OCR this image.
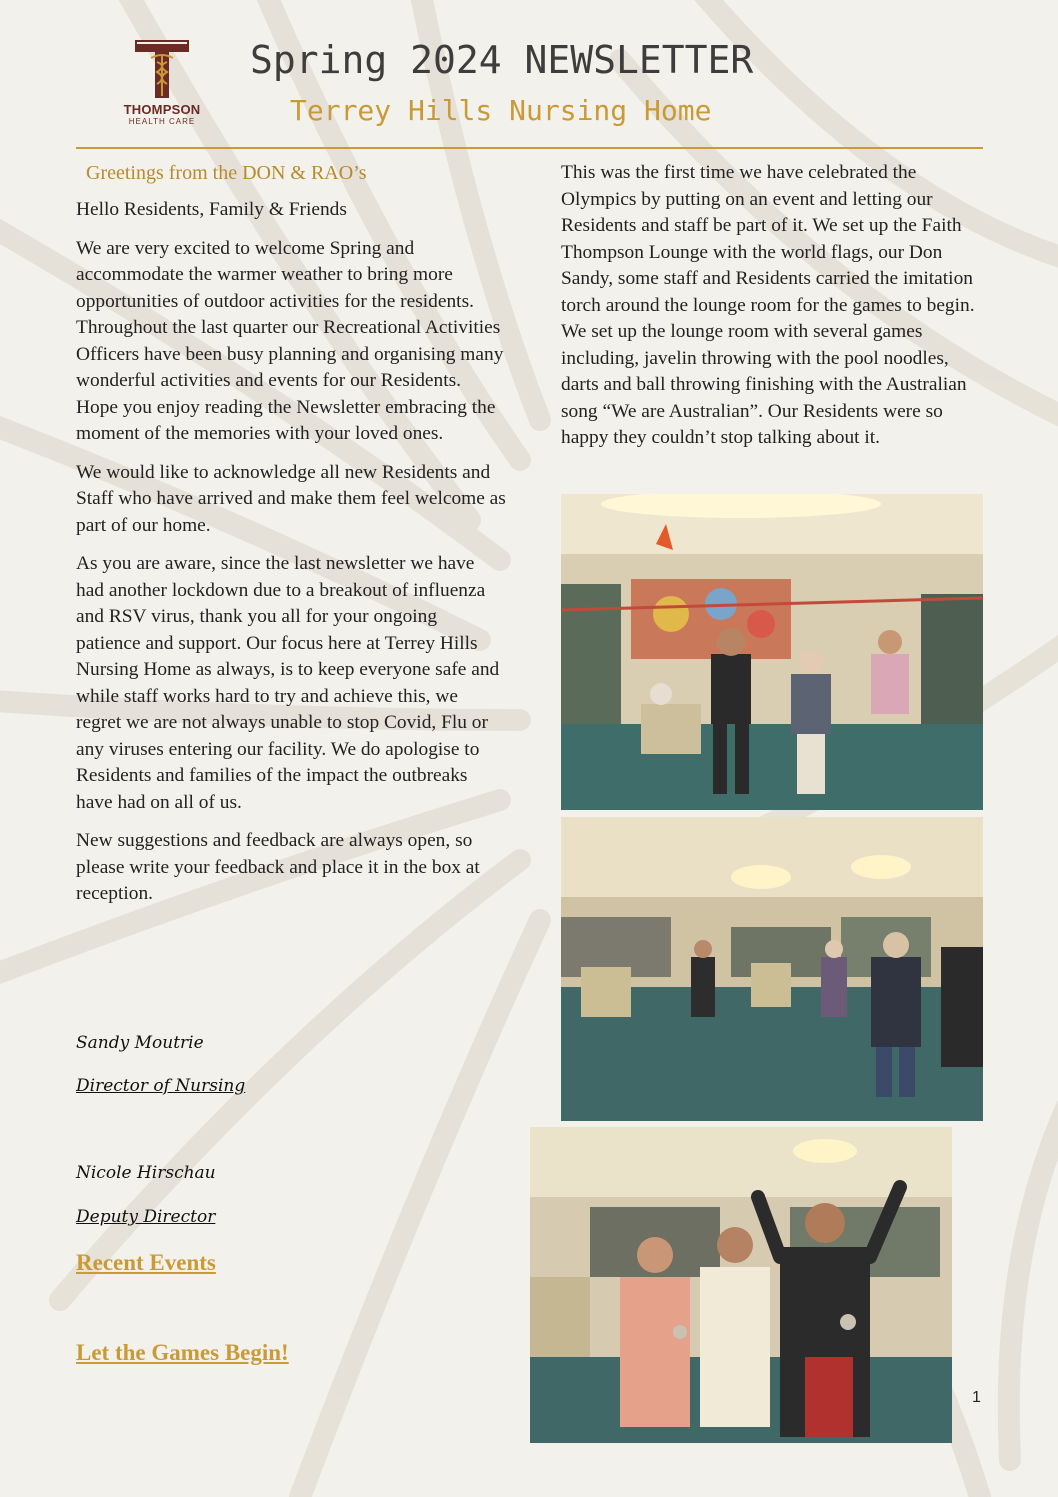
THOMPSON
HEALTH CARE
Spring 2024 NEWSLETTER
Terrey Hills Nursing Home
Greetings from the DON & RAO’s

Hello Residents, Family & Friends

We are very excited to welcome Spring and accommodate the warmer weather to bring more opportunities of outdoor activities for the residents. Throughout the last quarter our Recreational Activities Officers have been busy planning and organising many wonderful activities and events for our Residents. Hope you enjoy reading the Newsletter embracing the moment of the memories with your loved ones.

We would like to acknowledge all new Residents and Staff who have arrived and make them feel welcome as part of our home.

As you are aware, since the last newsletter we have had another lockdown due to a breakout of influenza and RSV virus, thank you all for your ongoing patience and support. Our focus here at Terrey Hills Nursing Home as always, is to keep everyone safe and while staff works hard to try and achieve this, we regret we are not always unable to stop Covid, Flu or any viruses entering our facility. We do apologise to Residents and families of the impact the outbreaks have had on all of us.

New suggestions and feedback are always open, so please write your feedback and place it in the box at reception.

Sandy Moutrie
Director of Nursing
Nicole Hirschau
Deputy Director
Recent Events
Let the Games Begin!

This was the first time we have celebrated the Olympics by putting on an event and letting our Residents and staff be part of it. We set up the Faith Thompson Lounge with the world flags, our Don Sandy, some staff and Residents carried the imitation torch around the lounge room for the games to begin. We set up the lounge room with several games including, javelin throwing with the pool noodles, darts and ball throwing finishing with the Australian song “We are Australian”. Our Residents were so happy they couldn’t stop talking about it.

1
